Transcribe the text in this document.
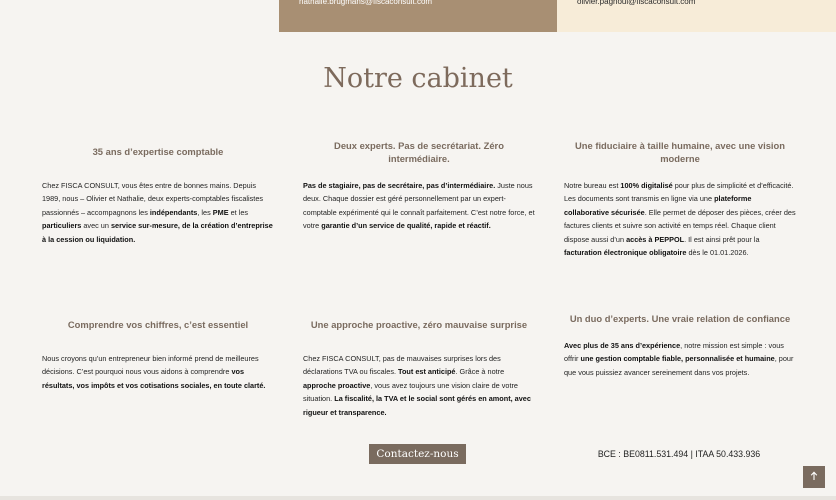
nathalie.brugmans@fiscaconsult.com	olivier.pagnoul@fiscaconsult.com
Notre cabinet
35 ans d’expertise comptable

Chez FISCA CONSULT, vous êtes entre de bonnes mains. Depuis 1989, nous – Olivier et Nathalie, deux experts-comptables fiscalistes passionnés – accompagnons les indépendants, les PME et les particuliers avec un service sur-mesure, de la création d’entreprise à la cession ou liquidation.

Deux experts. Pas de secrétariat. Zéro intermédiaire.

Pas de stagiaire, pas de secrétaire, pas d’intermédiaire. Juste nous deux. Chaque dossier est géré personnellement par un expert-comptable expérimenté qui le connaît parfaitement. C’est notre force, et votre garantie d’un service de qualité, rapide et réactif.

Une fiduciaire à taille humaine, avec une vision moderne

Notre bureau est 100% digitalisé pour plus de simplicité et d’efficacité. Les documents sont transmis en ligne via une plateforme collaborative sécurisée. Elle permet de déposer des pièces, créer des factures clients et suivre son activité en temps réel. Chaque client dispose aussi d’un accès à PEPPOL. Il est ainsi prêt pour la facturation électronique obligatoire dès le 01.01.2026.

Comprendre vos chiffres, c’est essentiel

Nous croyons qu’un entrepreneur bien informé prend de meilleures décisions. C’est pourquoi nous vous aidons à comprendre vos résultats, vos impôts et vos cotisations sociales, en toute clarté.

Une approche proactive, zéro mauvaise surprise

Chez FISCA CONSULT, pas de mauvaises surprises lors des déclarations TVA ou fiscales. Tout est anticipé. Grâce à notre approche proactive, vous avez toujours une vision claire de votre situation. La fiscalité, la TVA et le social sont gérés en amont, avec rigueur et transparence.

Un duo d’experts. Une vraie relation de confiance

Avec plus de 35 ans d’expérience, notre mission est simple : vous offrir une gestion comptable fiable, personnalisée et humaine, pour que vous puissiez avancer sereinement dans vos projets.

Contactez-nous	BCE : BE0811.531.494 | ITAA 50.433.936
